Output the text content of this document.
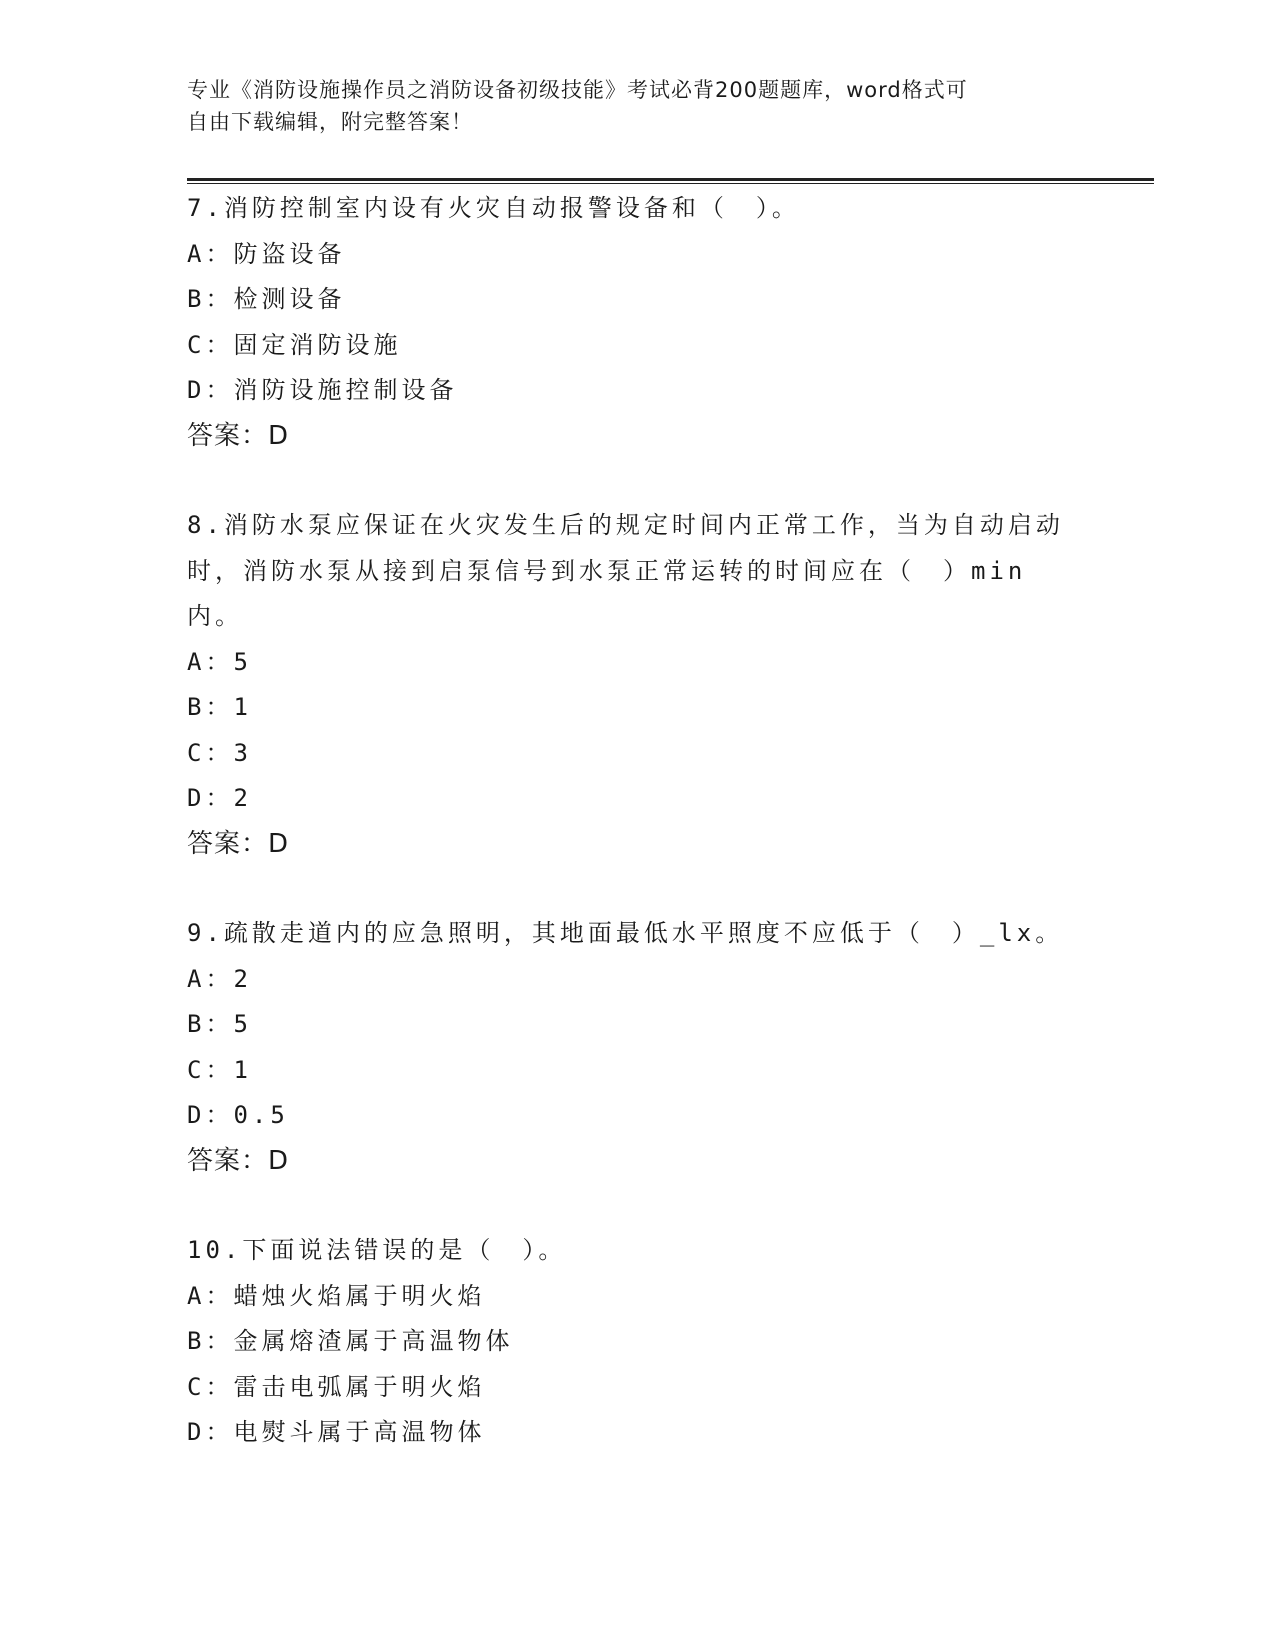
专业《消防设施操作员之消防设备初级技能》考试必背200题题库，word格式可
自由下载编辑，附完整答案！
7.消防控制室内设有火灾自动报警设备和（　）。
A：防盗设备
B：检测设备
C：固定消防设施
D：消防设施控制设备
答案：D
8.消防水泵应保证在火灾发生后的规定时间内正常工作，当为自动启动时，消防水泵从接到启泵信号到水泵正常运转的时间应在（　）min内。
A：5
B：1
C：3
D：2
答案：D
9.疏散走道内的应急照明，其地面最低水平照度不应低于（　）_lx。
A：2
B：5
C：1
D：0.5
答案：D
10.下面说法错误的是（　）。
A：蜡烛火焰属于明火焰
B：金属熔渣属于高温物体
C：雷击电弧属于明火焰
D：电熨斗属于高温物体
